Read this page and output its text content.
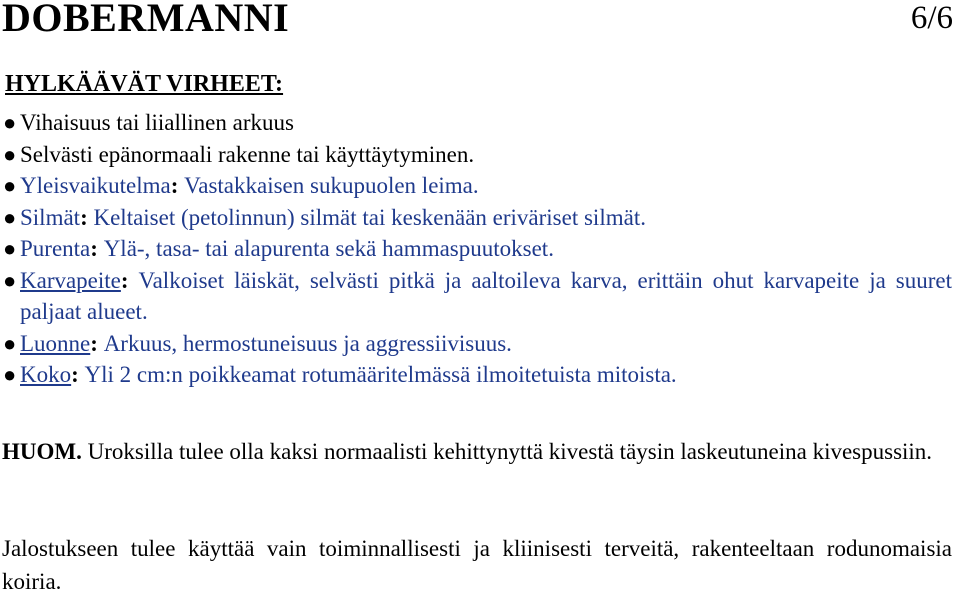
DOBERMANNI	6/6
HYLKÄÄVÄT VIRHEET:
● Vihaisuus tai liiallinen arkuus
● Selvästi epänormaali rakenne tai käyttäytyminen.
● Yleisvaikutelma: Vastakkaisen sukupuolen leima.
● Silmät: Keltaiset (petolinnun) silmät tai keskenään eriväriset silmät.
● Purenta: Ylä-, tasa- tai alapurenta sekä hammaspuutokset.
● Karvapeite: Valkoiset läiskät, selvästi pitkä ja aaltoileva karva, erittäin ohut karvapeite ja suuret paljaat alueet.
● Luonne: Arkuus, hermostuneisuus ja aggressiivisuus.
● Koko: Yli 2 cm:n poikkeamat rotumääritelmässä ilmoitetuista mitoista.

HUOM. Uroksilla tulee olla kaksi normaalisti kehittynyttä kivestä täysin laskeutuneina kivespussiin.

Jalostukseen tulee käyttää vain toiminnallisesti ja kliinisesti terveitä, rakenteeltaan rodunomaisia koiria.
